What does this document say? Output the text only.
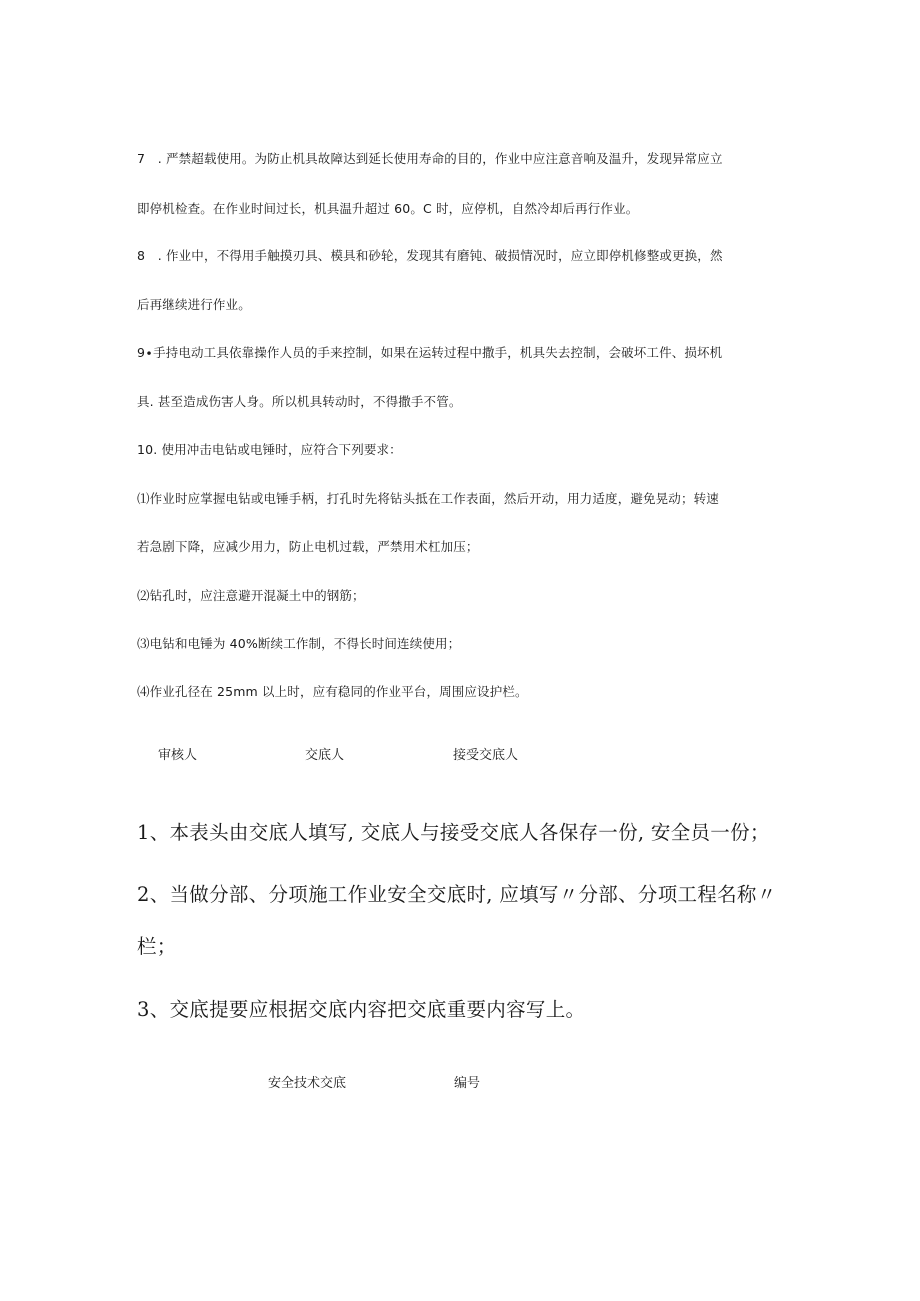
7　. 严禁超载使用。为防止机具故障达到延长使用寿命的目的，作业中应注意音响及温升，发现异常应立
即停机检查。在作业时间过长，机具温升超过 60。C 时，应停机，自然冷却后再行作业。
8　. 作业中，不得用手触摸刃具、模具和砂轮，发现其有磨钝、破损情况时，应立即停机修整或更换，然
后再继续进行作业。
9∙手持电动工具依靠操作人员的手来控制，如果在运转过程中撒手，机具失去控制，会破坏工件、损坏机
具. 甚至造成伤害人身。所以机具转动时，不得撒手不管。
10. 使用冲击电钻或电锤时，应符合下列要求：
⑴作业时应掌握电钻或电锤手柄，打孔时先将钻头抵在工作表面，然后开动，用力适度，避免晃动；转速
若急剧下降，应减少用力，防止电机过载，严禁用术杠加压；
⑵钻孔时，应注意避开混凝土中的钢筋；
⑶电钻和电锤为 40%断续工作制，不得长时间连续使用；
⑷作业孔径在 25mm 以上时，应有稳同的作业平台，周围应设护栏。
审核人	交底人	接受交底人
1、本表头由交底人填写, 交底人与接受交底人各保存一份, 安全员一份；
2、当做分部、分项施工作业安全交底时, 应填写〃分部、分项工程名称〃
栏；
3、交底提要应根据交底内容把交底重要内容写上。
安全技术交底	编号
